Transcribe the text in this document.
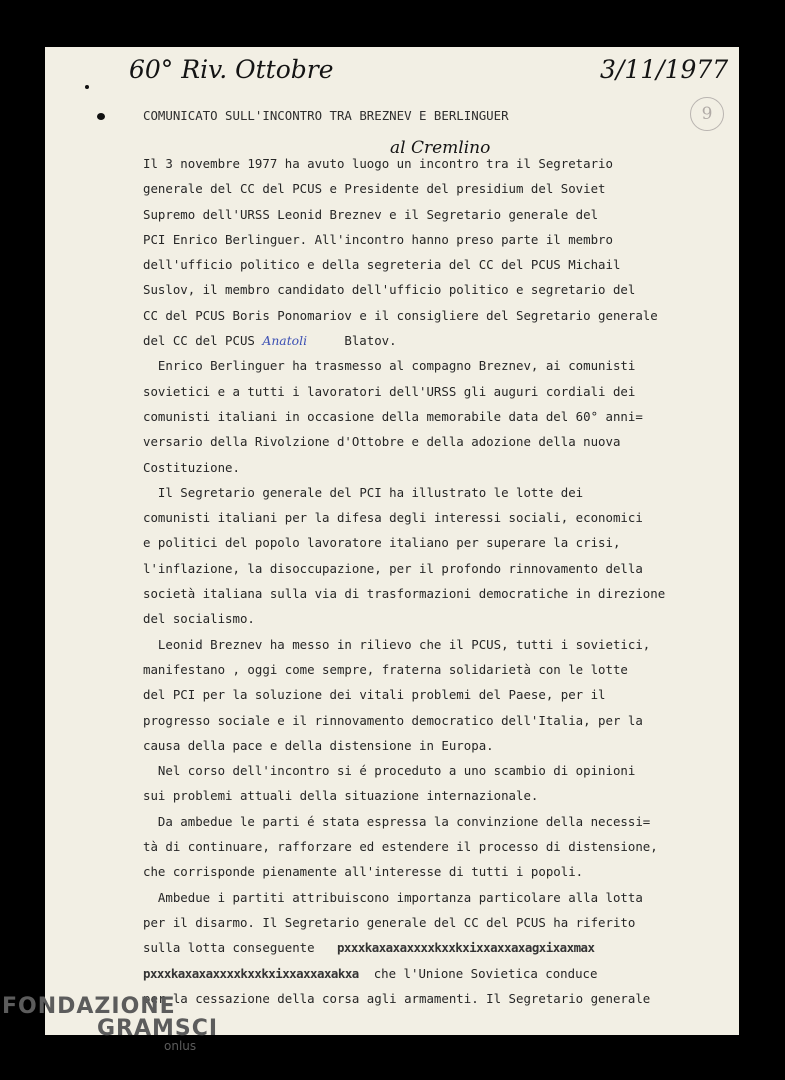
60° Riv. Ottobre	3/11/1977
9
COMUNICATO SULL'INCONTRO TRA BREZNEV E BERLINGUER
al Cremlino
Il 3 novembre 1977 ha avuto luogo un incontro tra il Segretario
generale del CC del PCUS e Presidente del presidium del Soviet
Supremo dell'URSS Leonid Breznev e il Segretario generale del
PCI Enrico Berlinguer. All'incontro hanno preso parte il membro
dell'ufficio politico e della segreteria del CC del PCUS Michail
Suslov, il membro candidato dell'ufficio politico e segretario del
CC del PCUS Boris Ponomariov e il consigliere del Segretario generale
del CC del PCUS Anatoli	Blatov.
Enrico Berlinguer ha trasmesso al compagno Breznev, ai comunisti
sovietici e a tutti i lavoratori dell'URSS gli auguri cordiali dei
comunisti italiani in occasione della memorabile data del 60° anni=
versario della Rivolzione d'Ottobre e della adozione della nuova
Costituzione.
Il Segretario generale del PCI ha illustrato le lotte dei
comunisti italiani per la difesa degli interessi sociali, economici
e politici del popolo lavoratore italiano per superare la crisi,
l'inflazione, la disoccupazione, per il profondo rinnovamento della
società italiana sulla via di trasformazioni democratiche in direzione
del socialismo.
Leonid Breznev ha messo in rilievo che il PCUS, tutti i sovietici,
manifestano , oggi come sempre, fraterna solidarietà con le lotte
del PCI per la soluzione dei vitali problemi del Paese, per il
progresso sociale e il rinnovamento democratico dell'Italia, per la
causa della pace e della distensione in Europa.
Nel corso dell'incontro si é proceduto a uno scambio di opinioni
sui problemi attuali della situazione internazionale.
Da ambedue le parti é stata espressa la convinzione della necessi=
tà di continuare, rafforzare ed estendere il processo di distensione,
che corrisponde pienamente all'interesse di tutti i popoli.
Ambedue i partiti attribuiscono importanza particolare alla lotta
per il disarmo. Il Segretario generale del CC del PCUS ha riferito
sulla lotta conseguente pxxxkaxaxaxxxxkxxkxixxaxxaxagxixaxmax
pxxxkaxaxaxxxxkxxkxixxaxxaxakxa che l'Unione Sovietica conduce
per la cessazione della corsa agli armamenti. Il Segretario generale
FONDAZIONE
GRAMSCI
onlus
